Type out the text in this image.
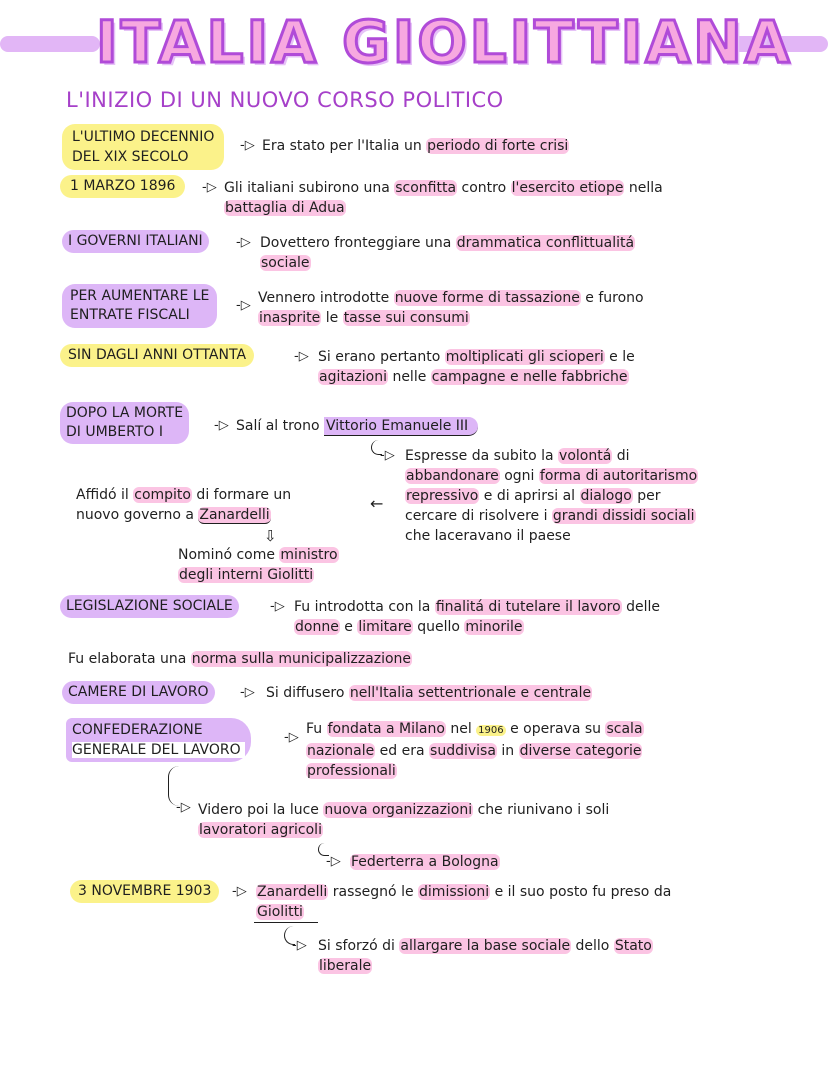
ITALIA GIOLITTIANA
L'INIZIO DI UN NUOVO CORSO POLITICO
L'ULTIMO DECENNIO
DEL XIX SECOLO
-▷ Era stato per l'Italia un periodo di forte crisi
1 MARZO 1896	-▷ Gli italiani subirono una sconfitta contro l'esercito etiope nella
battaglia di Adua
I GOVERNI ITALIANI	-▷ Dovettero fronteggiare una drammatica conflittualitá
sociale
PER AUMENTARE LE
ENTRATE FISCALI
-▷ Vennero introdotte nuove forme di tassazione e furono
inasprite le tasse sui consumi
SIN DAGLI ANNI OTTANTA	-▷ Si erano pertanto moltiplicati gli scioperi e le
agitazioni nelle campagne e nelle fabbriche
DOPO LA MORTE
DI UMBERTO I	-▷ Salí al trono Vittorio Emanuele III
-▷ Espresse da subito la volontá di
abbandonare ogni forma di autoritarismo
repressivo e di aprirsi al dialogo per
cercare di risolvere i grandi dissidi sociali
che laceravano il paese
Affidó il compito di formare un
nuovo governo a Zanardelli
←
⇩
Nominó come ministro
degli interni Giolitti
LEGISLAZIONE SOCIALE	-▷ Fu introdotta con la finalitá di tutelare il lavoro delle
donne e limitare quello minorile
Fu elaborata una norma sulla municipalizzazione
CAMERE DI LAVORO	-▷ Si diffusero nell'Italia settentrionale e centrale
CONFEDERAZIONE
GENERALE DEL LAVORO
-▷
Fu fondata a Milano nel 1906 e operava su scala
nazionale ed era suddivisa in diverse categorie
professionali
-▷ Videro poi la luce nuova organizzazioni che riunivano i soli
lavoratori agricoli
-▷ Federterra a Bologna
3 NOVEMBRE 1903	-▷ Zanardelli rassegnó le dimissioni e il suo posto fu preso da
Giolitti
-▷ Si sforzó di allargare la base sociale dello Stato
liberale
